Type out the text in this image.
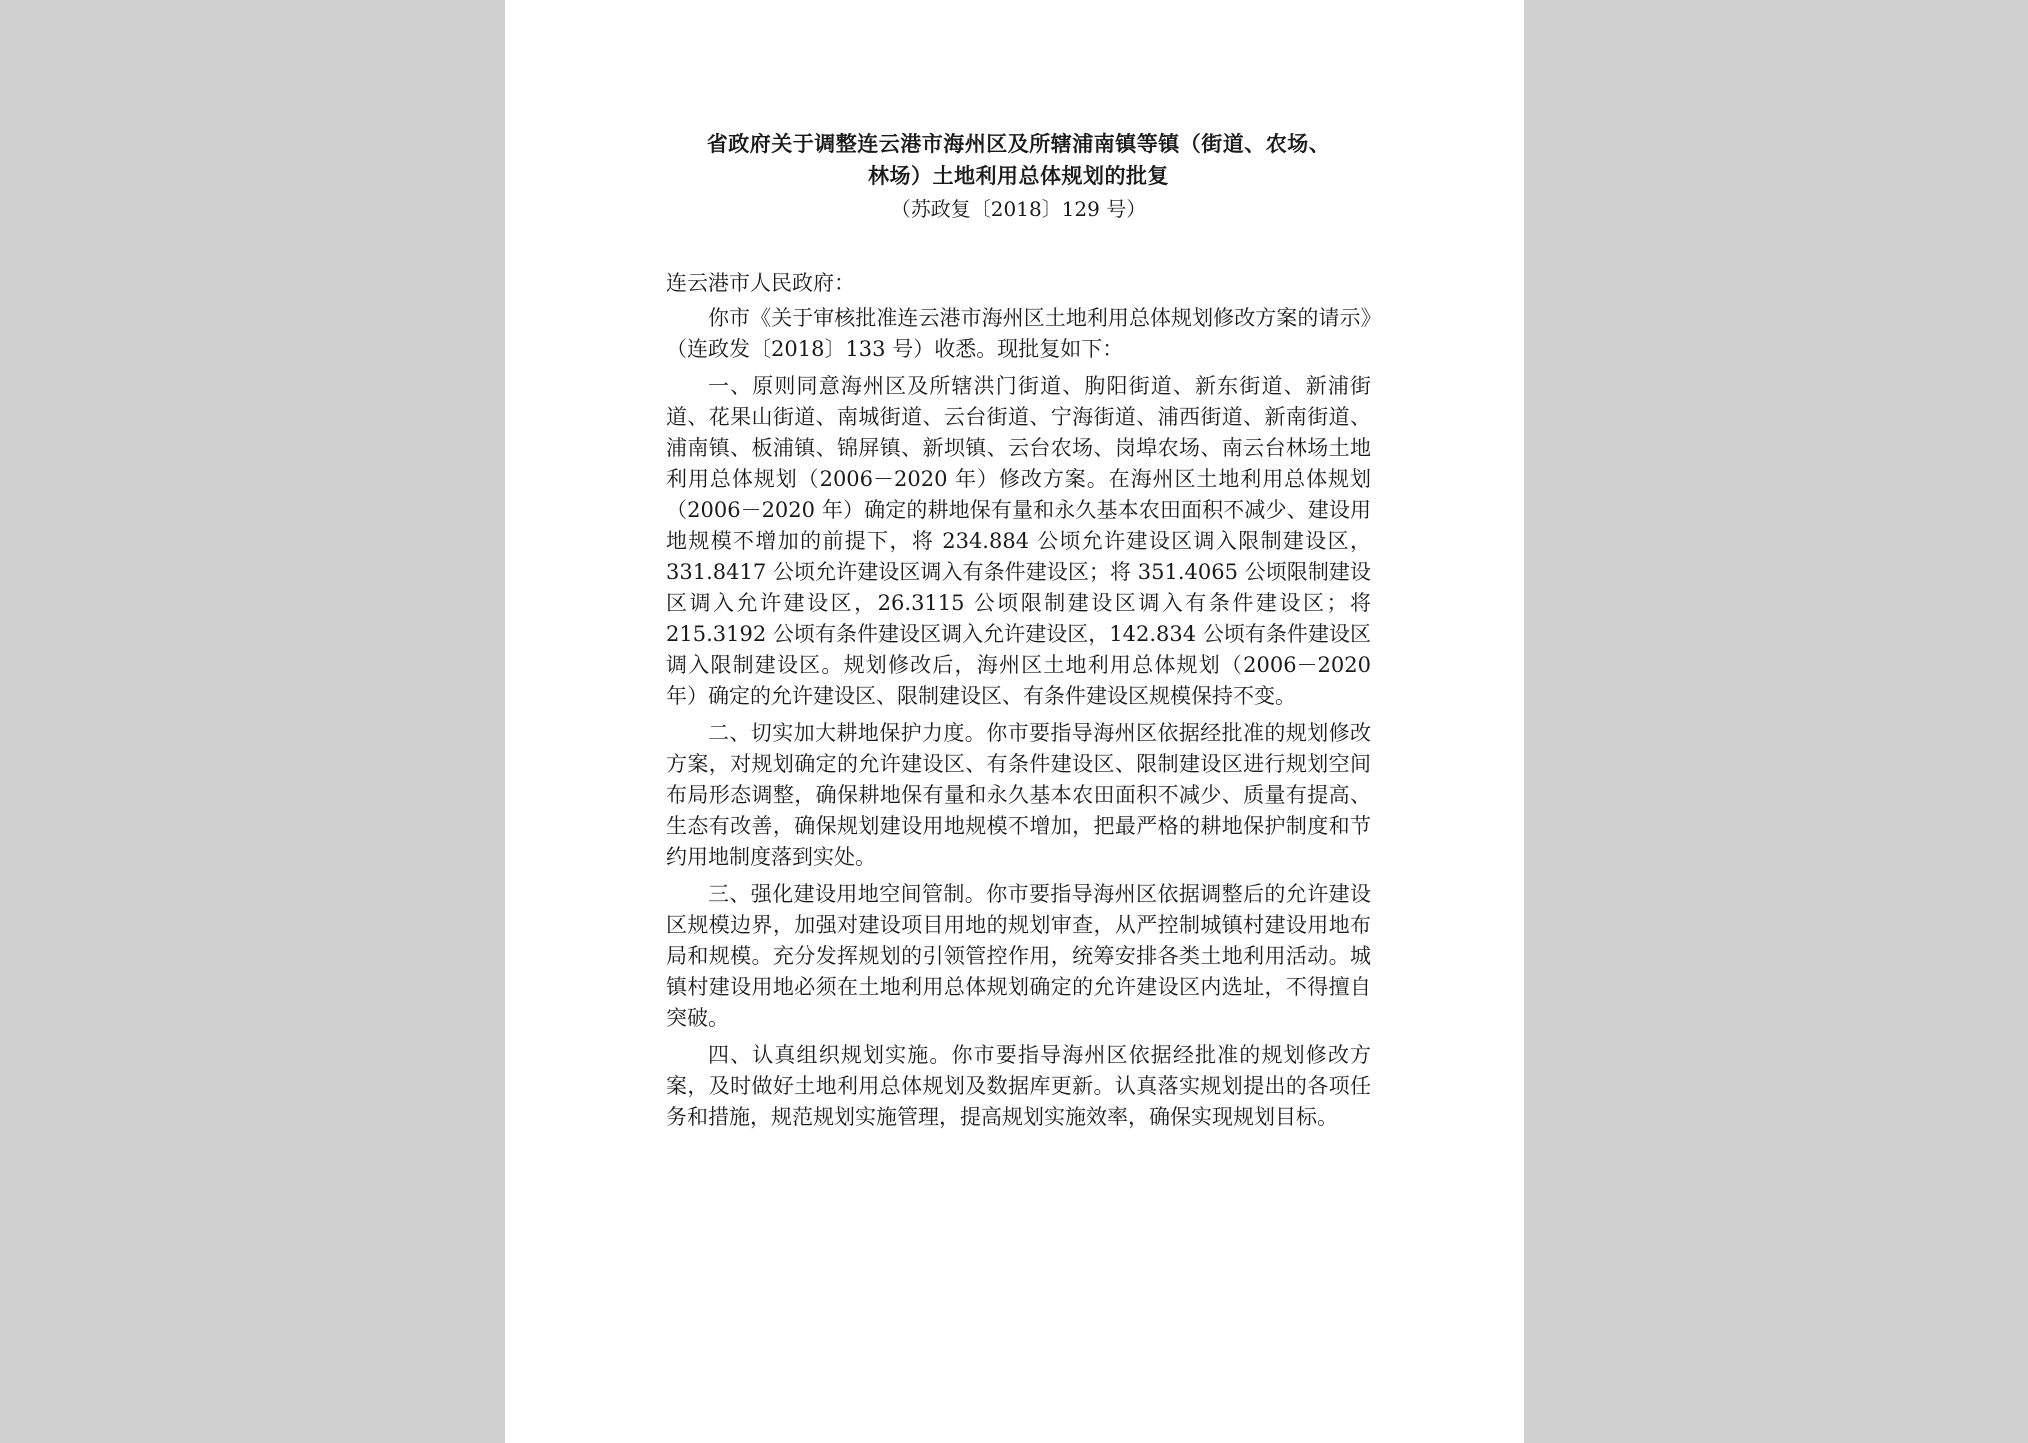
省政府关于调整连云港市海州区及所辖浦南镇等镇（街道、农场、
林场）土地利用总体规划的批复

（苏政复〔2018〕129 号）

连云港市人民政府：

你市《关于审核批准连云港市海州区土地利用总体规划修改方案的请示》（连政发〔2018〕133 号）收悉。现批复如下：

一、原则同意海州区及所辖洪门街道、朐阳街道、新东街道、新浦街道、花果山街道、南城街道、云台街道、宁海街道、浦西街道、新南街道、浦南镇、板浦镇、锦屏镇、新坝镇、云台农场、岗埠农场、南云台林场土地利用总体规划（2006－2020 年）修改方案。在海州区土地利用总体规划（2006－2020 年）确定的耕地保有量和永久基本农田面积不减少、建设用地规模不增加的前提下，将 234.884 公顷允许建设区调入限制建设区，331.8417 公顷允许建设区调入有条件建设区；将 351.4065 公顷限制建设区调入允许建设区，26.3115 公顷限制建设区调入有条件建设区；将 215.3192 公顷有条件建设区调入允许建设区，142.834 公顷有条件建设区调入限制建设区。规划修改后，海州区土地利用总体规划（2006－2020 年）确定的允许建设区、限制建设区、有条件建设区规模保持不变。

二、切实加大耕地保护力度。你市要指导海州区依据经批准的规划修改方案，对规划确定的允许建设区、有条件建设区、限制建设区进行规划空间布局形态调整，确保耕地保有量和永久基本农田面积不减少、质量有提高、生态有改善，确保规划建设用地规模不增加，把最严格的耕地保护制度和节约用地制度落到实处。

三、强化建设用地空间管制。你市要指导海州区依据调整后的允许建设区规模边界，加强对建设项目用地的规划审查，从严控制城镇村建设用地布局和规模。充分发挥规划的引领管控作用，统筹安排各类土地利用活动。城镇村建设用地必须在土地利用总体规划确定的允许建设区内选址，不得擅自突破。

四、认真组织规划实施。你市要指导海州区依据经批准的规划修改方案，及时做好土地利用总体规划及数据库更新。认真落实规划提出的各项任务和措施，规范规划实施管理，提高规划实施效率，确保实现规划目标。
